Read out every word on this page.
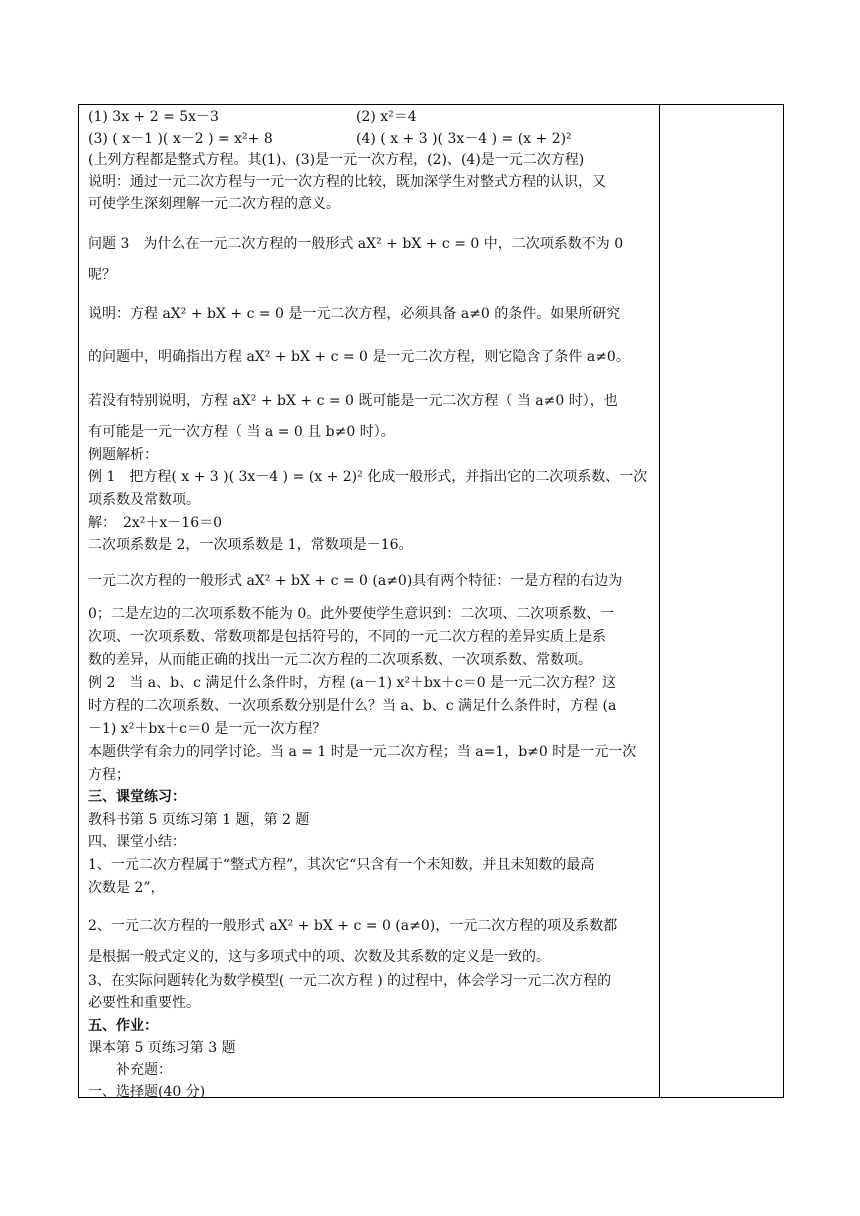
(1) 3x + 2 = 5x－3	(2) x²＝4
(3) ( x－1 )( x－2 ) = x²+ 8	(4) ( x + 3 )( 3x－4 ) = (x + 2)²
(上列方程都是整式方程。其(1)、(3)是一元一次方程，(2)、(4)是一元二次方程)
说明：通过一元二次方程与一元一次方程的比较，既加深学生对整式方程的认识，又
可使学生深刻理解一元二次方程的意义。
问题 3　为什么在一元二次方程的一般形式 aX² + bX + c = 0 中，二次项系数不为 0
呢？
说明：方程 aX² + bX + c = 0 是一元二次方程，必须具备 a≠0 的条件。如果所研究
的问题中，明确指出方程 aX² + bX + c = 0 是一元二次方程，则它隐含了条件 a≠0。
若没有特别说明，方程 aX² + bX + c = 0 既可能是一元二次方程（ 当 a≠0 时），也
有可能是一元一次方程（ 当 a = 0 且 b≠0 时）。
例题解析：
例 1　把方程( x + 3 )( 3x－4 ) = (x + 2)² 化成一般形式，并指出它的二次项系数、一次
项系数及常数项。
解：　2x²＋x－16＝0
二次项系数是 2，一次项系数是 1，常数项是－16。
一元二次方程的一般形式 aX² + bX + c = 0 (a≠0)具有两个特征：一是方程的右边为
0；二是左边的二次项系数不能为 0。此外要使学生意识到：二次项、二次项系数、一
次项、一次项系数、常数项都是包括符号的，不同的一元二次方程的差异实质上是系
数的差异，从而能正确的找出一元二次方程的二次项系数、一次项系数、常数项。
例 2　当 a、b、c 满足什么条件时，方程 (a－1) x²＋bx＋c＝0 是一元二次方程？这
时方程的二次项系数、一次项系数分别是什么？当 a、b、c 满足什么条件时，方程 (a
－1) x²＋bx＋c＝0 是一元一次方程？
本题供学有余力的同学讨论。当 a = 1 时是一元二次方程；当 a=1，b≠0 时是一元一次
方程；
三、课堂练习：
教科书第 5 页练习第 1 题，第 2 题
四、课堂小结：
1、一元二次方程属于“整式方程”，其次它“只含有一个未知数，并且未知数的最高
次数是 2”，
2、一元二次方程的一般形式 aX² + bX + c = 0 (a≠0)，一元二次方程的项及系数都
是根据一般式定义的，这与多项式中的项、次数及其系数的定义是一致的。
3、在实际问题转化为数学模型( 一元二次方程 ) 的过程中，体会学习一元二次方程的
必要性和重要性。
五、作业：
课本第 5 页练习第 3 题
补充题：
一、选择题(40 分)
